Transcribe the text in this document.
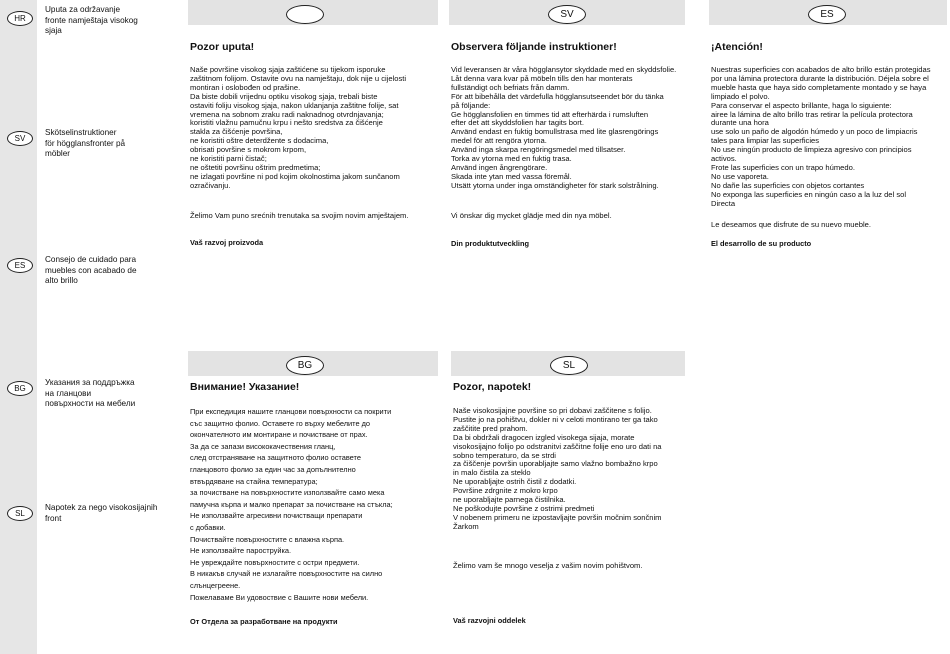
HR
Uputa za održavanje
fronte namještaja visokog
sjaja
SV
Skötselinstruktioner
för högglansfronter på
möbler
ES
Consejo de cuidado para
muebles con acabado de
alto brillo
BG
Указания за поддръжка
на гланцови
повърхности на мебели
SL
Napotek za nego visokosijajnih
front
Pozor uputa!
Naše površine visokog sjaja zaštićene su tijekom isporuke
zaštitnom folijom. Ostavite ovu na namještaju, dok nije u cijelosti
montiran i oslobođen od prašine.
Da biste dobili vrijednu optiku visokog sjaja, trebali biste
ostaviti foliju visokog sjaja, nakon uklanjanja zaštitne folije, sat
vremena na sobnom zraku radi naknadnog otvrdnjavanja;
koristiti vlažnu pamučnu krpu i nešto sredstva za čišćenje
stakla za čišćenje površina,
ne koristiti oštre deterdžente s dodacima,
obrisati površine s mokrom krpom,
ne koristiti parni čistač;
ne oštetiti površinu oštrim predmetima;
ne izlagati površine ni pod kojim okolnostima jakom sunčanom
ozračivanju.
Želimo Vam puno srećnih trenutaka sa svojim novim amještajem.
Vaš razvoj proizvoda
SV
Observera följande instruktioner!
Vid leveransen är våra högglansytor skyddade med en skyddsfolie.
Låt denna vara kvar på möbeln tills den har monterats
fullständigt och befriats från damm.
För att bibehålla det värdefulla högglansutseendet bör du tänka
på följande:
Ge högglansfolien en timmes tid att efterhärda i rumsluften
efter det att skyddsfolien har tagits bort.
Använd endast en fuktig bomullstrasa med lite glasrengörings
medel för att rengöra ytorna.
Använd inga skarpa rengöringsmedel med tillsatser.
Torka av ytorna med en fuktig trasa.
Använd ingen ångrengörare.
Skada inte ytan med vassa föremål.
Utsätt ytorna under inga omständigheter för stark solstrålning.
Vi önskar dig mycket glädje med din nya möbel.
Din produktutveckling
ES
¡Atención!
Nuestras superficies con acabados de alto brillo están protegidas
por una lámina protectora durante la distribución. Déjela sobre el
mueble hasta que haya sido completamente montado y se haya
limpiado el polvo.
Para conservar el aspecto brillante, haga lo siguiente:
airee la lámina de alto brillo tras retirar la película protectora
durante una hora
use solo un paño de algodón húmedo y un poco de limpiacris
tales para limpiar las superficies
No use ningún producto de limpieza agresivo con principios
activos.
Frote las superficies con un trapo húmedo.
No use vaporeta.
No dañe las superficies con objetos cortantes
No exponga las superficies en ningún caso a la luz del sol
Directa
Le deseamos que disfrute de su nuevo mueble.
El desarrollo de su producto
BG
Внимание! Указание!
При експедиция нашите гланцови повърхности са покрити
със защитно фолио. Оставете го върху мебелите до
окончателното им монтиране и почистване от прах.
За да се запази висококачествения гланц,
след отстраняване на защитното фолио оставете
гланцовото фолио за един час за допълнително
втвърдяване на стайна температура;
за почистване на повърхностите използвайте само мека
памучна кърпа и малко препарат за почистване на стъкла;
Не използвайте агресивни почистващи препарати
с добавки.
Почиствайте повърхностите с влажна кърпа.
Не използвайте пароструйка.
Не увреждайте повърхностите с остри предмети.
В никакъв случай не излагайте повърхностите на силно
слънцегреене.
Пожелаваме Ви удовоствие с Вашите нови мебели.
От Отдела за разработване на продукти
SL
Pozor, napotek!
Naše visokosijajne površine so pri dobavi zaščitene s folijo.
Pustite jo na pohištvu, dokler ni v celoti montirano ter ga tako
zaščitite pred prahom.
Da bi obdržali dragocen izgled visokega sijaja, morate
visokosijajno folijo po odstranitvi zaščitne folije eno uro dati na
sobno temperaturo, da se strdi
za čiščenje površin uporabljajte samo vlažno bombažno krpo
in malo čistila za steklo
Ne uporabljajte ostrih čistil z dodatki.
Površine zdrgnite z mokro krpo
ne uporabljajte parnega čistilnika.
Ne poškodujte površine z ostrimi predmeti
V nobenem primeru ne izpostavljajte površin močnim sončnim
Žarkom
Želimo vam še mnogo veselja z vašim novim pohištvom.
Vaš razvojni oddelek
